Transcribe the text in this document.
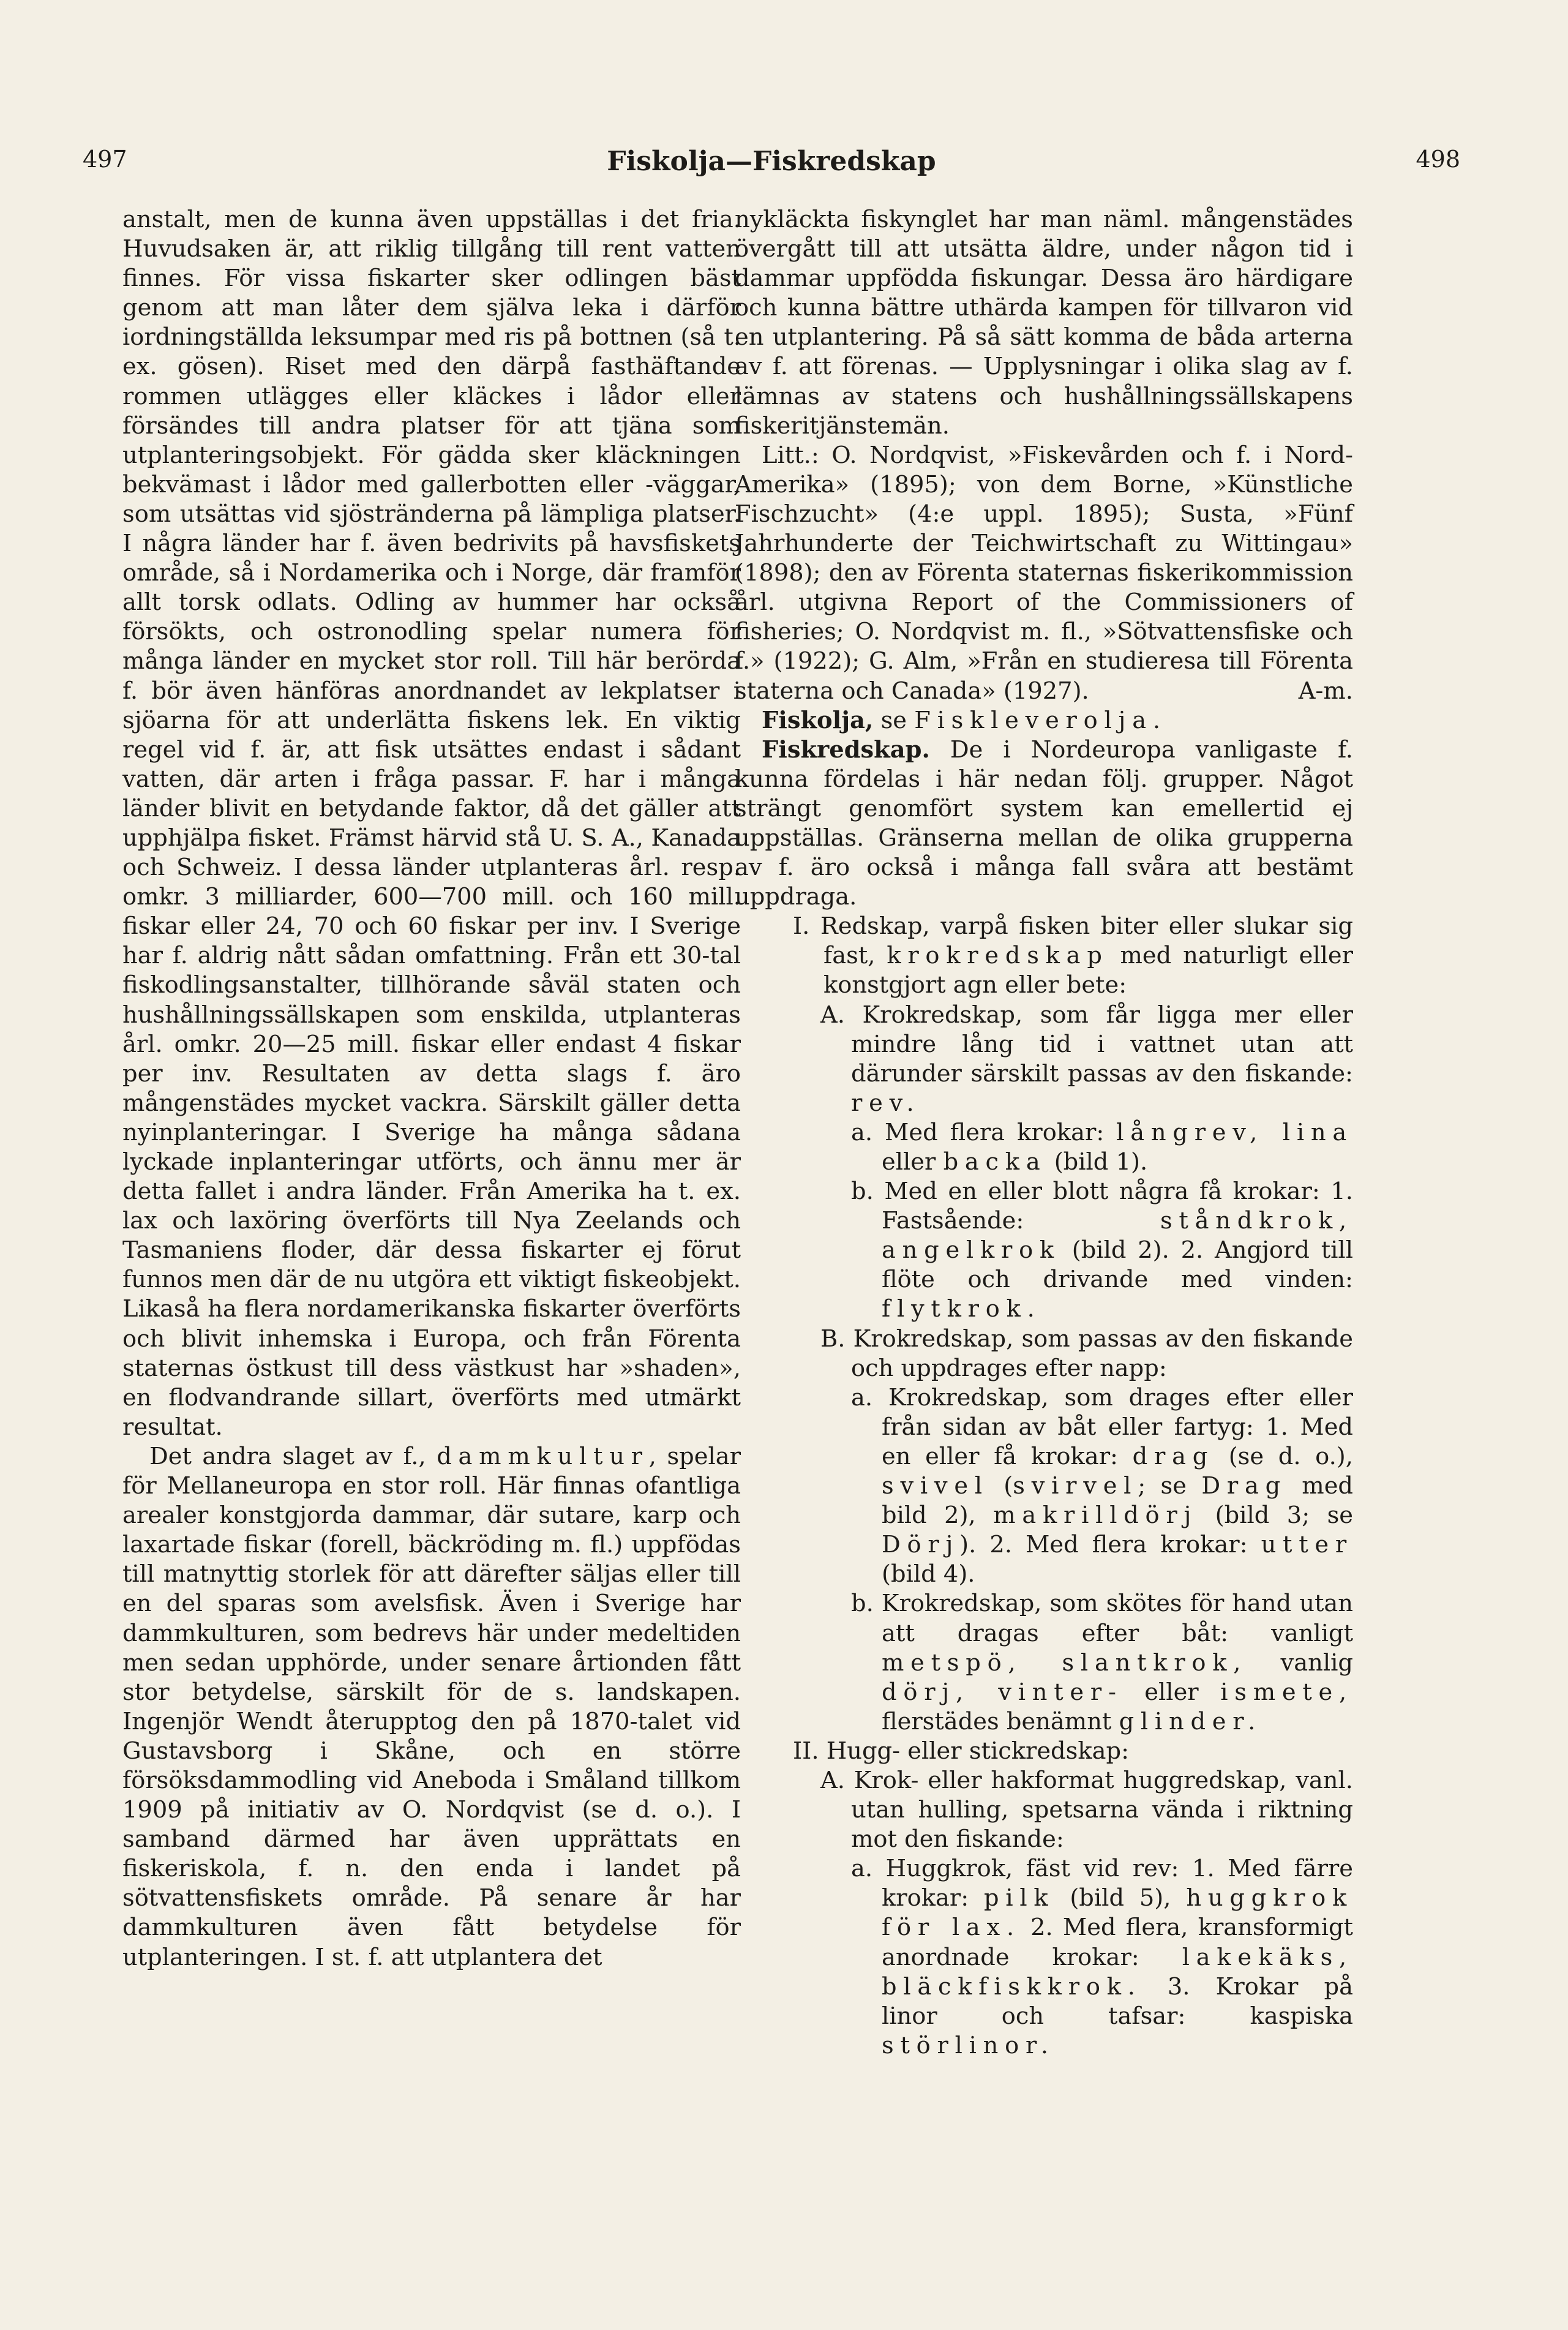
497	Fiskolja—Fiskredskap	498

anstalt, men de kunna även uppställas i det fria. Huvudsaken är, att riklig tillgång till rent vatten finnes. För vissa fiskarter sker odlingen bäst genom att man låter dem själva leka i därför iordningställda leksumpar med ris på bottnen (så t. ex. gösen). Riset med den därpå fasthäftande rommen utlägges eller kläckes i lådor eller försändes till andra platser för att tjäna som utplanteringsobjekt. För gädda sker kläckningen bekvämast i lådor med gallerbotten eller -väggar, som utsättas vid sjöstränderna på lämpliga platser. I några länder har f. även bedrivits på havsfiskets område, så i Nordamerika och i Norge, där framför allt torsk odlats. Odling av hummer har också försökts, och ostronodling spelar numera för många länder en mycket stor roll. Till här berörda f. bör även hänföras anordnandet av lekplatser i sjöarna för att underlätta fiskens lek. En viktig regel vid f. är, att fisk utsättes endast i sådant vatten, där arten i fråga passar. F. har i många länder blivit en betydande faktor, då det gäller att upphjälpa fisket. Främst härvid stå U. S. A., Kanada och Schweiz. I dessa länder utplanteras årl. resp. omkr. 3 milliarder, 600—700 mill. och 160 mill. fiskar eller 24, 70 och 60 fiskar per inv. I Sverige har f. aldrig nått sådan omfattning. Från ett 30-tal fiskodlingsanstalter, tillhörande såväl staten och hushållningssällskapen som enskilda, utplanteras årl. omkr. 20—25 mill. fiskar eller endast 4 fiskar per inv. Resultaten av detta slags f. äro mångenstädes mycket vackra. Särskilt gäller detta nyinplanteringar. I Sverige ha många sådana lyckade inplanteringar utförts, och ännu mer är detta fallet i andra länder. Från Amerika ha t. ex. lax och laxöring överförts till Nya Zeelands och Tasmaniens floder, där dessa fiskarter ej förut funnos men där de nu utgöra ett viktigt fiskeobjekt. Likaså ha flera nordamerikanska fiskarter överförts och blivit inhemska i Europa, och från Förenta staternas östkust till dess västkust har »shaden», en flodvandrande sillart, överförts med utmärkt resultat.

Det andra slaget av f., dammkultur, spelar för Mellaneuropa en stor roll. Här finnas ofantliga arealer konstgjorda dammar, där sutare, karp och laxartade fiskar (forell, bäckröding m. fl.) uppfödas till matnyttig storlek för att därefter säljas eller till en del sparas som avelsfisk. Även i Sverige har dammkulturen, som bedrevs här under medeltiden men sedan upphörde, under senare årtionden fått stor betydelse, särskilt för de s. landskapen. Ingenjör Wendt återupptog den på 1870-talet vid Gustavsborg i Skåne, och en större försöksdammodling vid Aneboda i Småland tillkom 1909 på initiativ av O. Nordqvist (se d. o.). I samband därmed har även upprättats en fiskeriskola, f. n. den enda i landet på sötvattensfiskets område. På senare år har dammkulturen även fått betydelse för utplanteringen. I st. f. att utplantera det

nykläckta fiskynglet har man näml. mångenstädes övergått till att utsätta äldre, under någon tid i dammar uppfödda fiskungar. Dessa äro härdigare och kunna bättre uthärda kampen för tillvaron vid en utplantering. På så sätt komma de båda arterna av f. att förenas. — Upplysningar i olika slag av f. lämnas av statens och hushållningssällskapens fiskeritjänstemän.

Litt.: O. Nordqvist, »Fiskevården och f. i Nord-Amerika» (1895); von dem Borne, »Künstliche Fischzucht» (4:e uppl. 1895); Susta, »Fünf Jahrhunderte der Teichwirtschaft zu Wittingau» (1898); den av Förenta staternas fiskerikommission årl. utgivna Report of the Commissioners of fisheries; O. Nordqvist m. fl., »Sötvattensfiske och f.» (1922); G. Alm, »Från en studieresa till Förenta staterna och Canada» (1927).	A-m.

Fiskolja, se Fiskleverolja.

Fiskredskap. De i Nordeuropa vanligaste f. kunna fördelas i här nedan följ. grupper. Något strängt genomfört system kan emellertid ej uppställas. Gränserna mellan de olika grupperna av f. äro också i många fall svåra att bestämt uppdraga.

I. Redskap, varpå fisken biter eller slukar sig fast, krokredskap med naturligt eller konstgjort agn eller bete:

A. Krokredskap, som får ligga mer eller mindre lång tid i vattnet utan att därunder särskilt passas av den fiskande: rev.

a. Med flera krokar: långrev, lina eller backa (bild 1).

b. Med en eller blott några få krokar: 1. Fastsående:	ståndkrok, angelkrok (bild 2). 2. Angjord till flöte och drivande med vinden: flytkrok.

B. Krokredskap, som passas av den fiskande och uppdrages efter napp:

a. Krokredskap, som drages efter eller från sidan av båt eller fartyg: 1. Med en eller få krokar: drag (se d. o.), svivel (svirvel; se Drag med bild 2), makrilldörj (bild 3; se Dörj). 2. Med flera krokar: utter (bild 4).

b. Krokredskap, som skötes för hand utan att dragas efter båt: vanligt metspö, slantkrok, vanlig dörj, vinter- eller ismete, flerstädes benämnt glinder.

II. Hugg- eller stickredskap:

A. Krok- eller hakformat huggredskap, vanl. utan hulling, spetsarna vända i riktning mot den fiskande:

a. Huggkrok, fäst vid rev: 1. Med färre krokar: pilk (bild 5), huggkrok för lax. 2. Med flera, kransformigt anordnade krokar: lakekäks, bläckfiskkrok. 3. Krokar på linor och tafsar: kaspiska störlinor.
